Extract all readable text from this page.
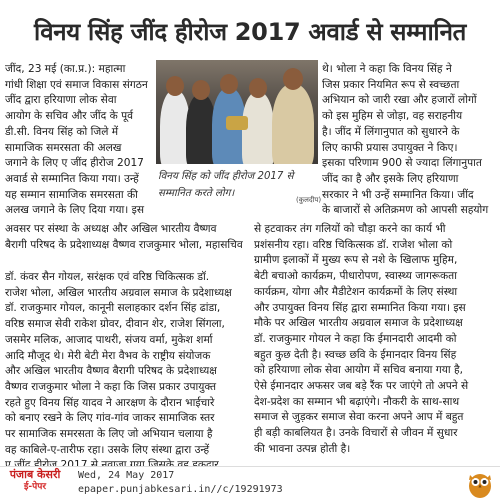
विनय सिंह जींद हीरोज 2017 अवार्ड से सम्मानित

जींद, 23 मई (का.प्र.): महात्मा

गांधी शिक्षा एवं समाज विकास संगठन

जींद द्वारा हरियाणा लोक सेवा

आयोग के सचिव और जींद के पूर्व

डी.सी. विनय सिंह को जिले में

सामाजिक समरसता की अलख

जगाने के लिए ए जींद हीरोज 2017

अवार्ड से सम्मानित किया गया। उन्हें

यह सम्मान सामाजिक समरसता की

अलख जगाने के लिए दिया गया। इस

विनय सिंह को जींद हीरोज 2017 से

सम्मानित करते लोग।

(कुलदीप)

थे। भोला ने कहा कि विनय सिंह ने

जिस प्रकार नियमित रूप से स्वच्छता

अभियान को जारी रखा और हजारों लोगों

को इस मुहिम से जोड़ा, वह सराहनीय

है। जींद में लिंगानुपात को सुधारने के

लिए काफी प्रयास उपायुक्त ने किए।

इसका परिणाम 900 से ज्यादा लिंगानुपात

जींद का है और इसके लिए हरियाणा

सरकार ने भी उन्हें सम्मानित किया। जींद

के बाजारों से अतिक्रमण को आपसी सहयोग

अवसर पर संस्था के अध्यक्ष और अखिल भारतीय वैष्णव

बैरागी परिषद के प्रदेशाध्यक्ष वैष्णव राजकुमार भोला, महासचिव

डॉ. कंवर सैन गोयल, सरंक्षक एवं वरिष्ठ चिकित्सक डॉ.

राजेश भोला, अखिल भारतीय अग्रवाल समाज के प्रदेशाध्यक्ष

डॉ. राजकुमार गोयल, कानूनी सलाहकार दर्शन सिंह ढांडा,

वरिष्ठ समाज सेवी राकेश ग्रोवर, दीवान शेर, राजेश सिंगला,

जसमेर मलिक, आजाद पाथरी, संजय वर्मा, मुकेश शर्मा

आदि मौजूद थे। मेरी बेटी मेरा वैभव के राष्ट्रीय संयोजक

और अखिल भारतीय वैष्णव बैरागी परिषद के प्रदेशाध्यक्ष

वैष्णव राजकुमार भोला ने कहा कि जिस प्रकार उपायुक्त

रहते हुए विनय सिंह यादव ने आरक्षण के दौरान भाईचारे

को बनाए रखने के लिए गांव-गांव जाकर सामाजिक स्तर

पर सामाजिक समरसता के लिए जो अभियान चलाया है

वह काबिले-ए-तारीफ रहा। उसके लिए संस्था द्वारा उन्हें

से हटवाकर तंग गलियों को चौड़ा करने का कार्य भी

प्रशंसनीय रहा। वरिष्ठ चिकित्सक डॉ. राजेश भोला को

ग्रामीण इलाकों में मुख्य रूप से नशे के खिलाफ मुहिम,

बेटी बचाओ कार्यक्रम, पीधारोपण, स्वास्थ्य जागरूकता

कार्यक्रम, योगा और मैडीटेशन कार्यक्रमों के लिए संस्था

और उपायुक्त विनय सिंह द्वारा सम्मानित किया गया। इस

मौके पर अखिल भारतीय अग्रवाल समाज के प्रदेशाध्यक्ष

डॉ. राजकुमार गोयल ने कहा कि ईमानदारी आदमी को

बहुत कुछ देती है। स्वच्छ छवि के ईमानदार विनय सिंह

को हरियाणा लोक सेवा आयोग में सचिव बनाया गया है,

ऐसे ईमानदार अफसर जब बड़े रैंक पर जाएंगे तो अपने से

देश-प्रदेश का सम्मान भी बढ़ाएंगे। नौकरी के साथ-साथ

समाज से जुड़कर समाज सेवा करना अपने आप में बहुत

ही बड़ी काबलियत है। उनके विचारों से जीवन में सुधार

की भावना उत्पन्न होती है।

पंजाब केसरी
ई-पेपर

Wed, 24 May 2017

epaper.punjabkesari.in//c/19291973
